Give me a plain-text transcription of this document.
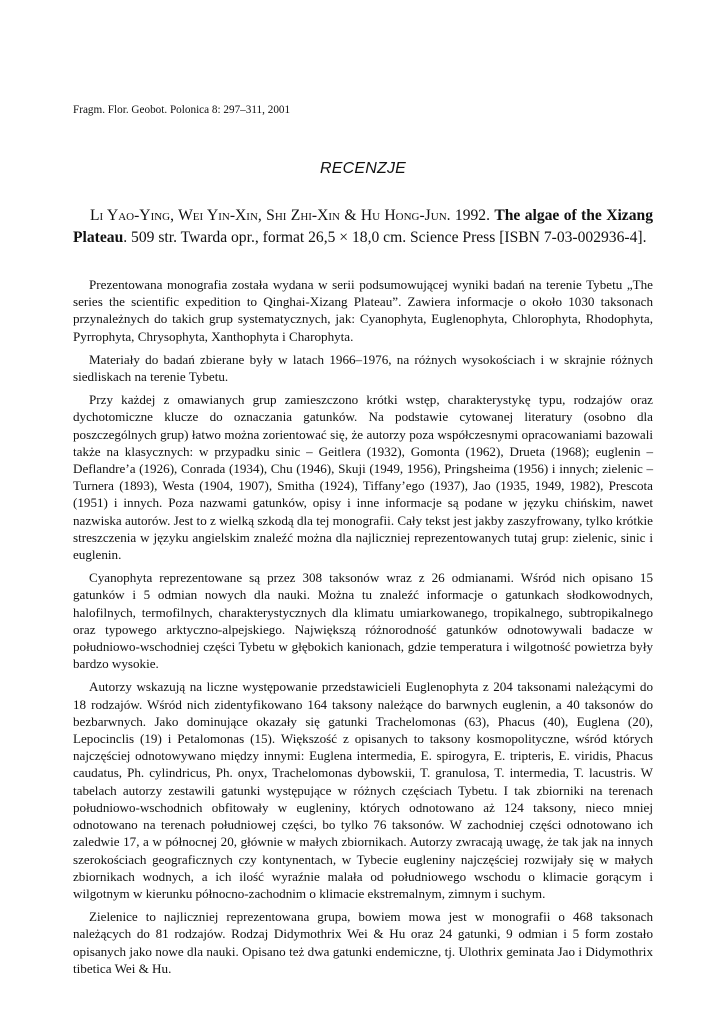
Fragm. Flor. Geobot. Polonica 8: 297–311, 2001
RECENZJE
Li Yao-Ying, Wei Yin-Xin, Shi Zhi-Xin & Hu Hong-Jun. 1992. The algae of the Xizang Plateau. 509 str. Twarda opr., format 26,5 × 18,0 cm. Science Press [ISBN 7-03-002936-4].

Prezentowana monografia została wydana w serii podsumowującej wyniki badań na terenie Tybetu „The series the scientific expedition to Qinghai-Xizang Plateau”. Zawiera informacje o około 1030 taksonach przynależnych do takich grup systematycznych, jak: Cyanophyta, Euglenophyta, Chlorophyta, Rhodophyta, Pyrrophyta, Chrysophyta, Xanthophyta i Charophyta.

Materiały do badań zbierane były w latach 1966–1976, na różnych wysokościach i w skrajnie różnych siedliskach na terenie Tybetu.

Przy każdej z omawianych grup zamieszczono krótki wstęp, charakterystykę typu, rodzajów oraz dychotomiczne klucze do oznaczania gatunków. Na podstawie cytowanej literatury (osobno dla poszczególnych grup) łatwo można zorientować się, że autorzy poza współczesnymi opracowaniami bazowali także na klasycznych: w przypadku sinic – Geitlera (1932), Gomonta (1962), Drueta (1968); euglenin – Deflandre’a (1926), Conrada (1934), Chu (1946), Skuji (1949, 1956), Pringsheima (1956) i innych; zielenic – Turnera (1893), Westa (1904, 1907), Smitha (1924), Tiffany’ego (1937), Jao (1935, 1949, 1982), Prescota (1951) i innych. Poza nazwami gatunków, opisy i inne informacje są podane w języku chińskim, nawet nazwiska autorów. Jest to z wielką szkodą dla tej monografii. Cały tekst jest jakby zaszyfrowany, tylko krótkie streszczenia w języku angielskim znaleźć można dla najliczniej reprezentowanych tutaj grup: zielenic, sinic i euglenin.

Cyanophyta reprezentowane są przez 308 taksonów wraz z 26 odmianami. Wśród nich opisano 15 gatunków i 5 odmian nowych dla nauki. Można tu znaleźć informacje o gatunkach słodkowodnych, halofilnych, termofilnych, charakterystycznych dla klimatu umiarkowanego, tropikalnego, subtropikalnego oraz typowego arktyczno-alpejskiego. Największą różnorodność gatunków odnotowywali badacze w południowo-wschodniej części Tybetu w głębokich kanionach, gdzie temperatura i wilgotność powietrza były bardzo wysokie.

Autorzy wskazują na liczne występowanie przedstawicieli Euglenophyta z 204 taksonami należącymi do 18 rodzajów. Wśród nich zidentyfikowano 164 taksony należące do barwnych euglenin, a 40 taksonów do bezbarwnych. Jako dominujące okazały się gatunki Trachelomonas (63), Phacus (40), Euglena (20), Lepocinclis (19) i Petalomonas (15). Większość z opisanych to taksony kosmopolityczne, wśród których najczęściej odnotowywano między innymi: Euglena intermedia, E. spirogyra, E. tripteris, E. viridis, Phacus caudatus, Ph. cylindricus, Ph. onyx, Trachelomonas dybowskii, T. granulosa, T. intermedia, T. lacustris. W tabelach autorzy zestawili gatunki występujące w różnych częściach Tybetu. I tak zbiorniki na terenach południowo-wschodnich obfitowały w eugleniny, których odnotowano aż 124 taksony, nieco mniej odnotowano na terenach południowej części, bo tylko 76 taksonów. W zachodniej części odnotowano ich zaledwie 17, a w północnej 20, głównie w małych zbiornikach. Autorzy zwracają uwagę, że tak jak na innych szerokościach geograficznych czy kontynentach, w Tybecie eugleniny najczęściej rozwijały się w małych zbiornikach wodnych, a ich ilość wyraźnie malała od południowego wschodu o klimacie gorącym i wilgotnym w kierunku północno-zachodnim o klimacie ekstremalnym, zimnym i suchym.

Zielenice to najliczniej reprezentowana grupa, bowiem mowa jest w monografii o 468 taksonach należących do 81 rodzajów. Rodzaj Didymothrix Wei & Hu oraz 24 gatunki, 9 odmian i 5 form zostało opisanych jako nowe dla nauki. Opisano też dwa gatunki endemiczne, tj. Ulothrix geminata Jao i Didymothrix tibetica Wei & Hu.
